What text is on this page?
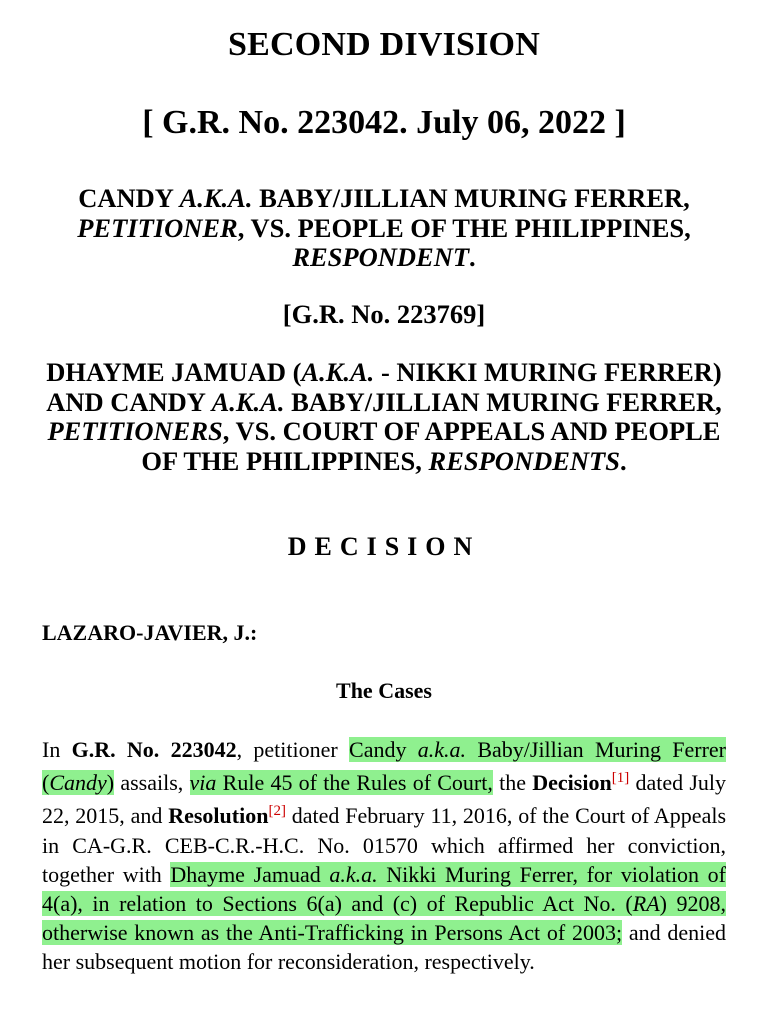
SECOND DIVISION
[ G.R. No. 223042. July 06, 2022 ]
CANDY A.K.A. BABY/JILLIAN MURING FERRER,
PETITIONER, VS. PEOPLE OF THE PHILIPPINES,
RESPONDENT.
[G.R. No. 223769]
DHAYME JAMUAD (A.K.A. - NIKKI MURING FERRER) AND CANDY A.K.A. BABY/JILLIAN MURING FERRER, PETITIONERS, VS. COURT OF APPEALS AND PEOPLE OF THE PHILIPPINES, RESPONDENTS.
DECISION
LAZARO-JAVIER, J.:
The Cases
In G.R. No. 223042, petitioner Candy a.k.a. Baby/Jillian Muring Ferrer (Candy) assails, via Rule 45 of the Rules of Court, the Decision[1] dated July 22, 2015, and Resolution[2] dated February 11, 2016, of the Court of Appeals in CA-G.R. CEB-C.R.-H.C. No. 01570 which affirmed her conviction, together with Dhayme Jamuad a.k.a. Nikki Muring Ferrer, for violation of 4(a), in relation to Sections 6(a) and (c) of Republic Act No. (RA) 9208, otherwise known as the Anti-Trafficking in Persons Act of 2003; and denied her subsequent motion for reconsideration, respectively.
